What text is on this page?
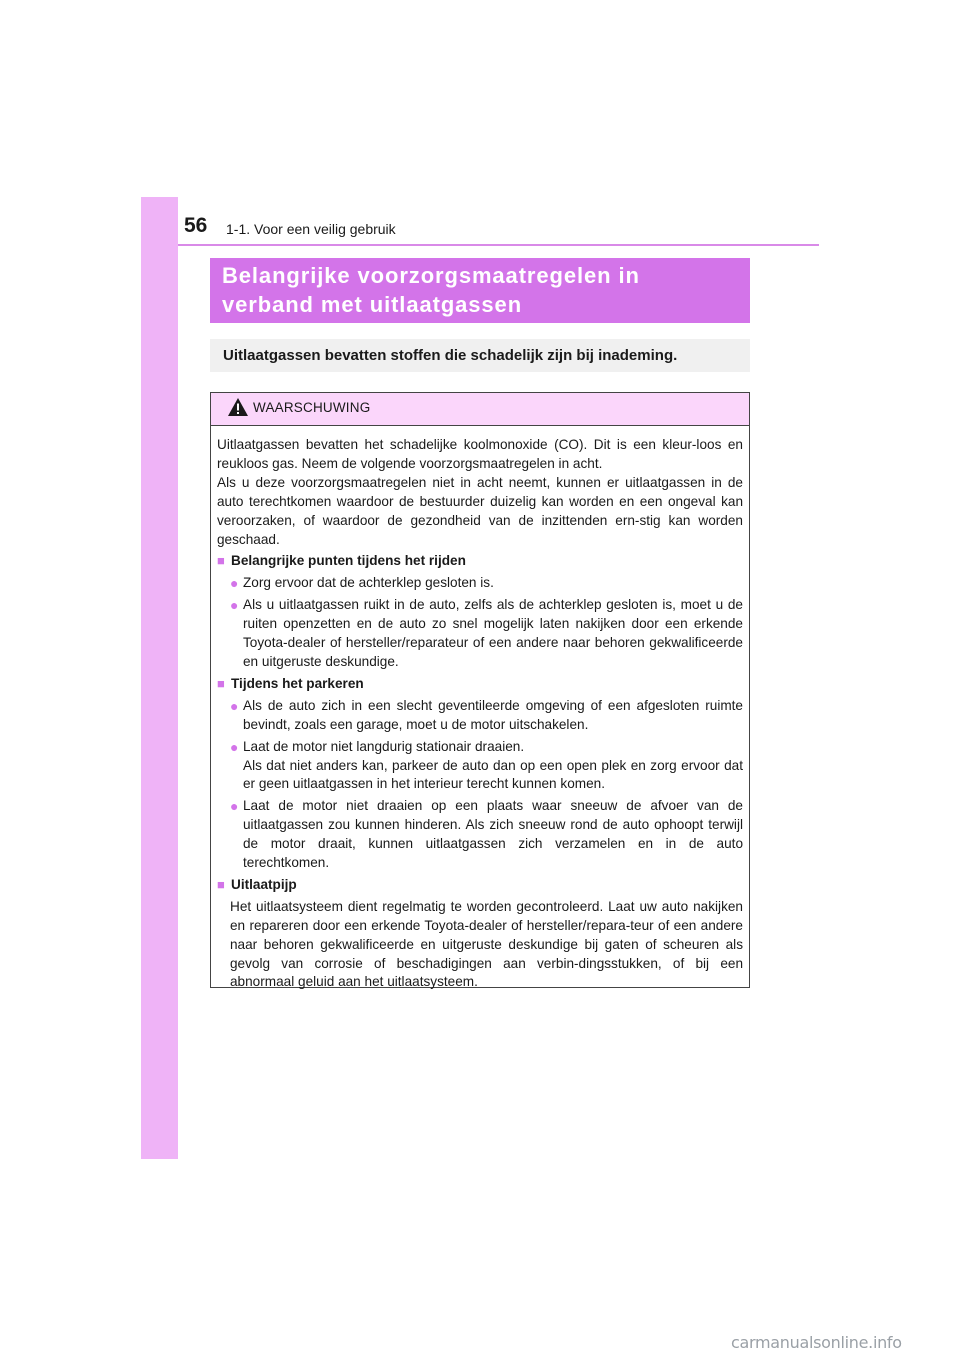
56 1-1. Voor een veilig gebruik
Belangrijke voorzorgsmaatregelen in
verband met uitlaatgassen
Uitlaatgassen bevatten stoffen die schadelijk zijn bij inademing.
WAARSCHUWING

Uitlaatgassen bevatten het schadelijke koolmonoxide (CO). Dit is een kleur-loos en reukloos gas. Neem de volgende voorzorgsmaatregelen in acht.

Als u deze voorzorgsmaatregelen niet in acht neemt, kunnen er uitlaatgassen in de auto terechtkomen waardoor de bestuurder duizelig kan worden en een ongeval kan veroorzaken, of waardoor de gezondheid van de inzittenden ern-stig kan worden geschaad.

■ Belangrijke punten tijdens het rijden
● Zorg ervoor dat de achterklep gesloten is.
● Als u uitlaatgassen ruikt in de auto, zelfs als de achterklep gesloten is, moet u de ruiten openzetten en de auto zo snel mogelijk laten nakijken door een erkende Toyota-dealer of hersteller/reparateur of een andere naar behoren gekwalificeerde en uitgeruste deskundige.
■ Tijdens het parkeren
● Als de auto zich in een slecht geventileerde omgeving of een afgesloten ruimte bevindt, zoals een garage, moet u de motor uitschakelen.
● Laat de motor niet langdurig stationair draaien.
Als dat niet anders kan, parkeer de auto dan op een open plek en zorg ervoor dat er geen uitlaatgassen in het interieur terecht kunnen komen.
● Laat de motor niet draaien op een plaats waar sneeuw de afvoer van de uitlaatgassen zou kunnen hinderen. Als zich sneeuw rond de auto ophoopt terwijl de motor draait, kunnen uitlaatgassen zich verzamelen en in de auto terechtkomen.
■ Uitlaatpijp

Het uitlaatsysteem dient regelmatig te worden gecontroleerd. Laat uw auto nakijken en repareren door een erkende Toyota-dealer of hersteller/repara-teur of een andere naar behoren gekwalificeerde en uitgeruste deskundige bij gaten of scheuren als gevolg van corrosie of beschadigingen aan verbin-dingsstukken, of bij een abnormaal geluid aan het uitlaatsysteem.

carmanualsonline.info
